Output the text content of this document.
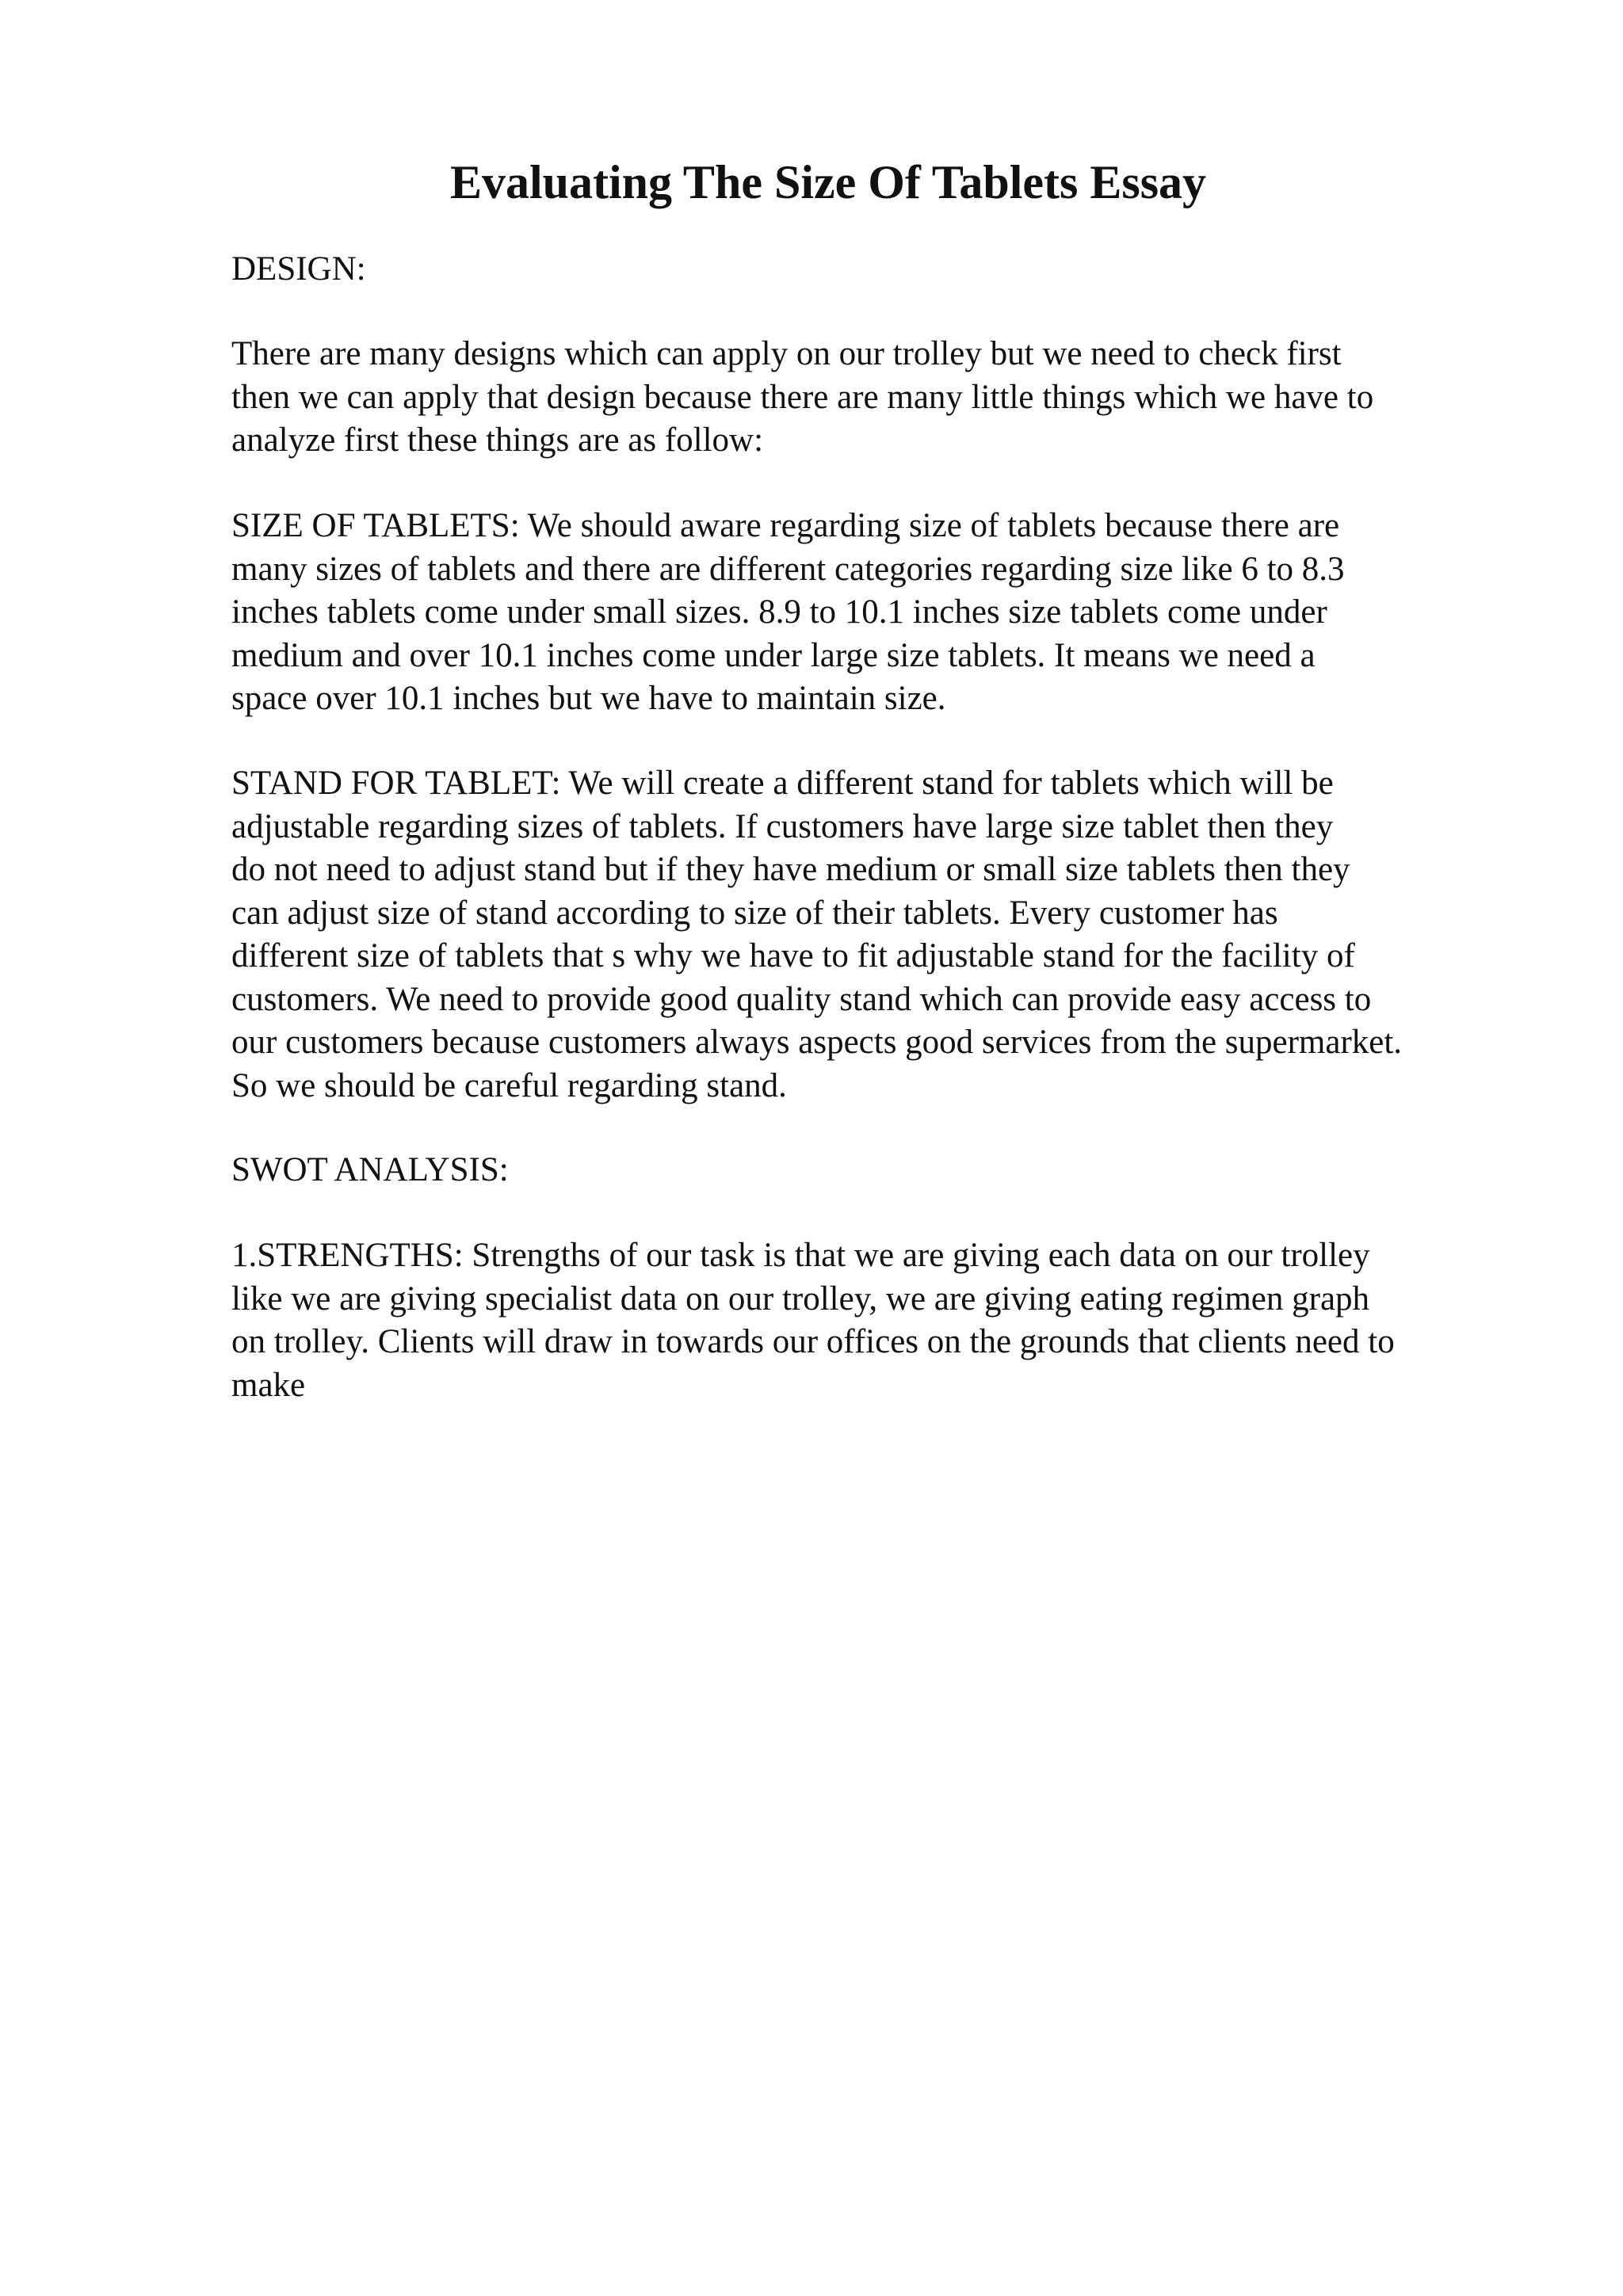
Evaluating The Size Of Tablets Essay

DESIGN:

There are many designs which can apply on our trolley but we need to check first
then we can apply that design because there are many little things which we have to
analyze first these things are as follow:

SIZE OF TABLETS: We should aware regarding size of tablets because there are
many sizes of tablets and there are different categories regarding size like 6 to 8.3
inches tablets come under small sizes. 8.9 to 10.1 inches size tablets come under
medium and over 10.1 inches come under large size tablets. It means we need a
space over 10.1 inches but we have to maintain size.

STAND FOR TABLET: We will create a different stand for tablets which will be
adjustable regarding sizes of tablets. If customers have large size tablet then they
do not need to adjust stand but if they have medium or small size tablets then they
can adjust size of stand according to size of their tablets. Every customer has
different size of tablets that s why we have to fit adjustable stand for the facility of
customers. We need to provide good quality stand which can provide easy access to
our customers because customers always aspects good services from the supermarket.
So we should be careful regarding stand.

SWOT ANALYSIS:

1.STRENGTHS: Strengths of our task is that we are giving each data on our trolley
like we are giving specialist data on our trolley, we are giving eating regimen graph
on trolley. Clients will draw in towards our offices on the grounds that clients need to
make
